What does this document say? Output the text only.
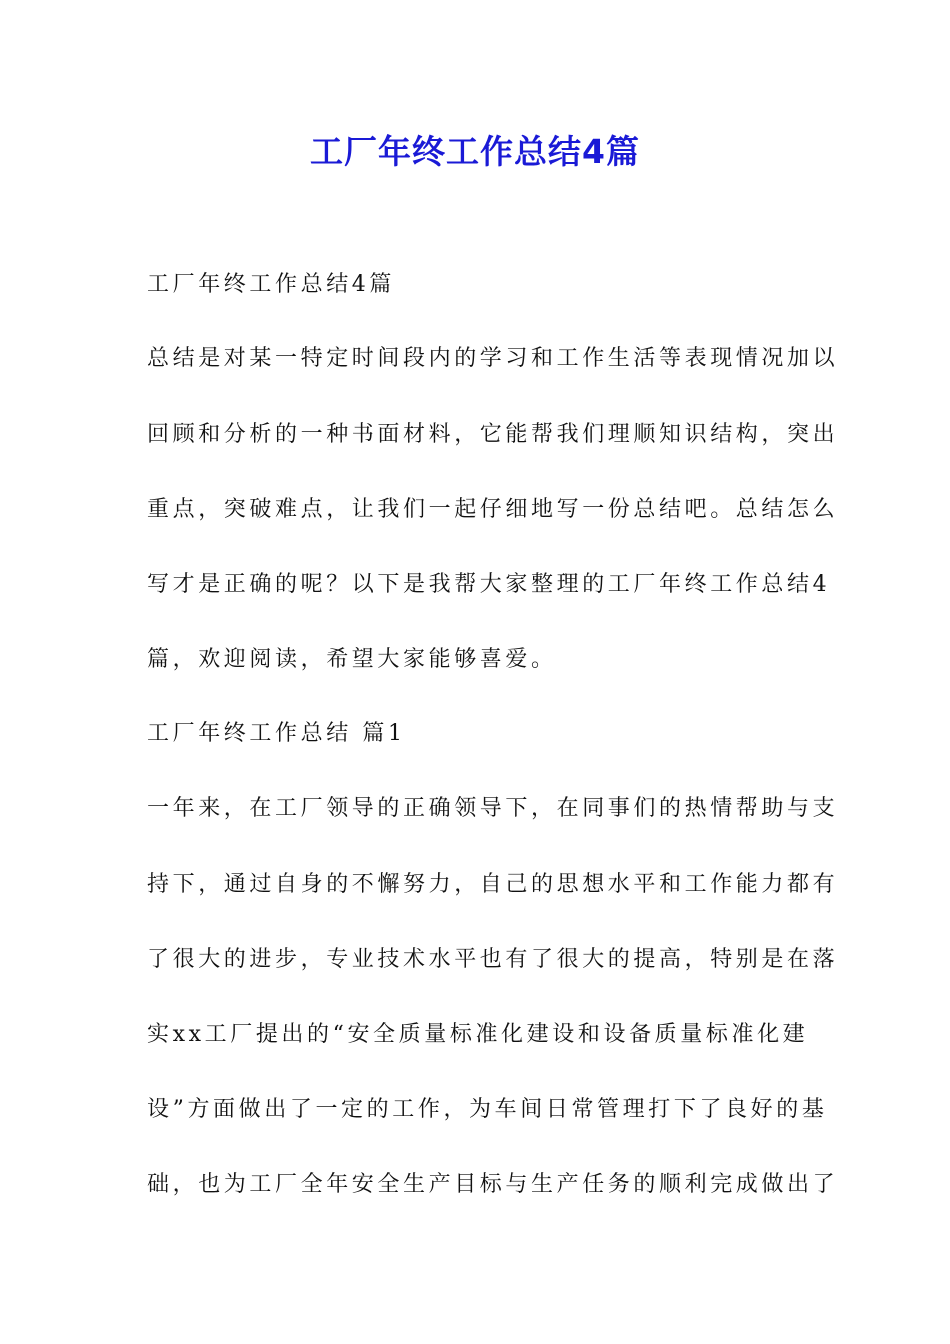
工厂年终工作总结4篇

工厂年终工作总结4篇

总结是对某一特定时间段内的学习和工作生活等表现情况加以

回顾和分析的一种书面材料，它能帮我们理顺知识结构，突出

重点，突破难点，让我们一起仔细地写一份总结吧。总结怎么

写才是正确的呢？以下是我帮大家整理的工厂年终工作总结4

篇，欢迎阅读，希望大家能够喜爱。

工厂年终工作总结 篇1

一年来，在工厂领导的正确领导下，在同事们的热情帮助与支

持下，通过自身的不懈努力，自己的思想水平和工作能力都有

了很大的进步，专业技术水平也有了很大的提高，特别是在落

实xx工厂提出的“安全质量标准化建设和设备质量标准化建

设”方面做出了一定的工作，为车间日常管理打下了良好的基

础，也为工厂全年安全生产目标与生产任务的顺利完成做出了
